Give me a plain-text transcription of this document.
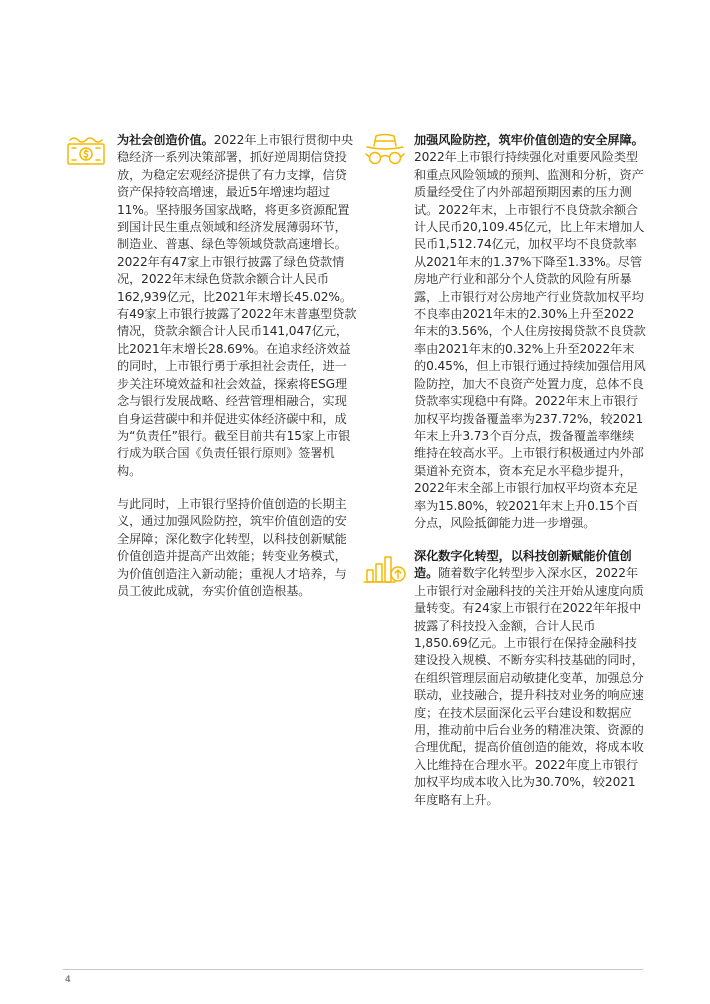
为社会创造价值。2022年上市银行贯彻中央稳经济一系列决策部署，抓好逆周期信贷投放，为稳定宏观经济提供了有力支撑，信贷资产保持较高增速，最近5年增速均超过11%。坚持服务国家战略，将更多资源配置到国计民生重点领域和经济发展薄弱环节，制造业、普惠、绿色等领域贷款高速增长。2022年有47家上市银行披露了绿色贷款情况，2022年末绿色贷款余额合计人民币162,939亿元，比2021年末增长45.02%。有49家上市银行披露了2022年末普惠型贷款情况，贷款余额合计人民币141,047亿元，比2021年末增长28.69%。在追求经济效益的同时，上市银行勇于承担社会责任，进一步关注环境效益和社会效益，探索将ESG理念与银行发展战略、经营管理相融合，实现自身运营碳中和并促进实体经济碳中和，成为“负责任”银行。截至目前共有15家上市银行成为联合国《负责任银行原则》签署机构。

与此同时，上市银行坚持价值创造的长期主义，通过加强风险防控，筑牢价值创造的安全屏障；深化数字化转型，以科技创新赋能价值创造并提高产出效能；转变业务模式，为价值创造注入新动能；重视人才培养，与员工彼此成就，夯实价值创造根基。

加强风险防控，筑牢价值创造的安全屏障。2022年上市银行持续强化对重要风险类型和重点风险领域的预判、监测和分析，资产质量经受住了内外部超预期因素的压力测试。2022年末，上市银行不良贷款余额合计人民币20,109.45亿元，比上年末增加人民币1,512.74亿元，加权平均不良贷款率从2021年末的1.37%下降至1.33%。尽管房地产行业和部分个人贷款的风险有所暴露，上市银行对公房地产行业贷款加权平均不良率由2021年末的2.30%上升至2022年末的3.56%，个人住房按揭贷款不良贷款率由2021年末的0.32%上升至2022年末的0.45%，但上市银行通过持续加强信用风险防控，加大不良资产处置力度，总体不良贷款率实现稳中有降。2022年末上市银行加权平均拨备覆盖率为237.72%，较2021年末上升3.73个百分点，拨备覆盖率继续维持在较高水平。上市银行积极通过内外部渠道补充资本，资本充足水平稳步提升，2022年末全部上市银行加权平均资本充足率为15.80%，较2021年末上升0.15个百分点，风险抵御能力进一步增强。

深化数字化转型，以科技创新赋能价值创造。随着数字化转型步入深水区，2022年上市银行对金融科技的关注开始从速度向质量转变。有24家上市银行在2022年年报中披露了科技投入金额，合计人民币1,850.69亿元。上市银行在保持金融科技建设投入规模、不断夯实科技基础的同时，在组织管理层面启动敏捷化变革，加强总分联动，业技融合，提升科技对业务的响应速度；在技术层面深化云平台建设和数据应用，推动前中后台业务的精准决策、资源的合理优配，提高价值创造的能效，将成本收入比维持在合理水平。2022年度上市银行加权平均成本收入比为30.70%，较2021年度略有上升。

4
